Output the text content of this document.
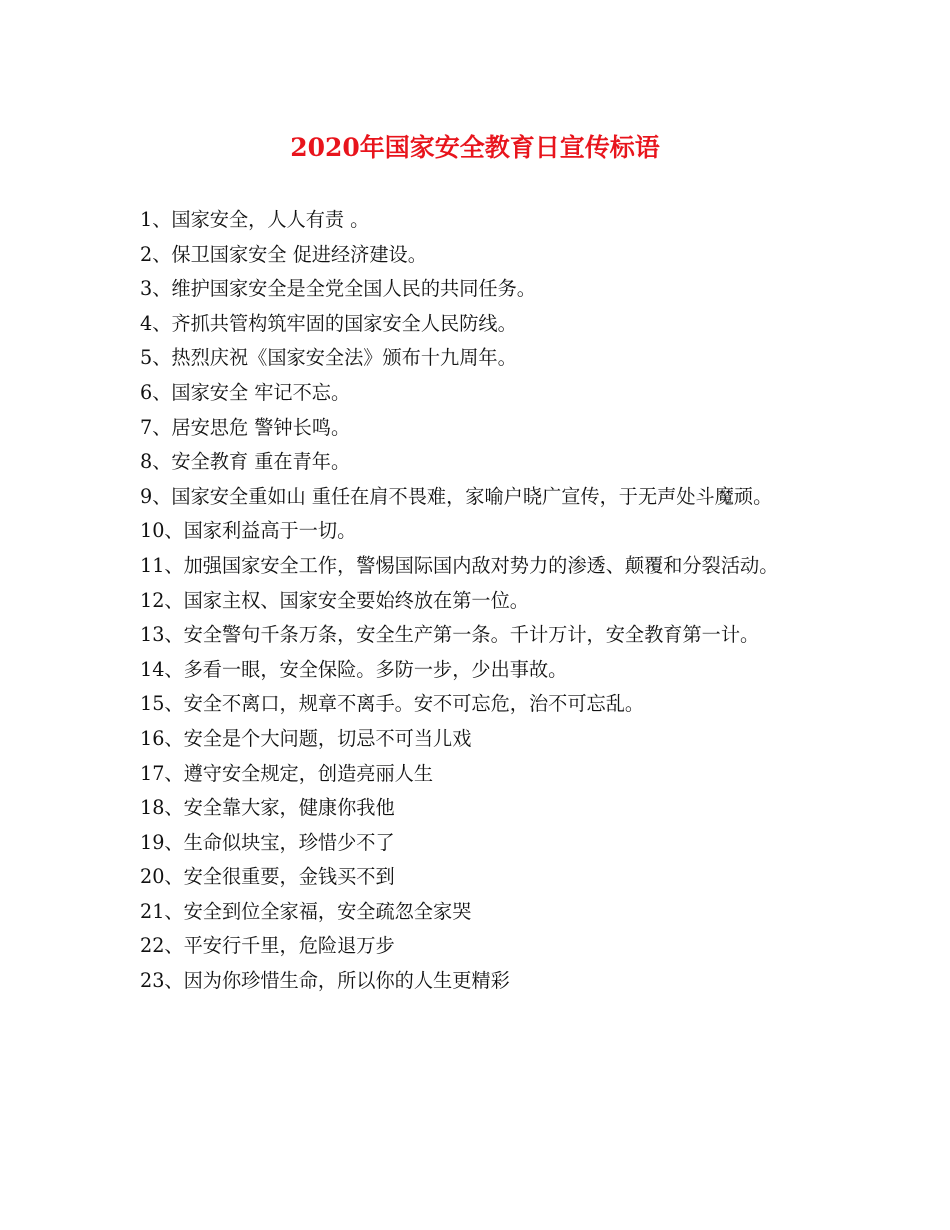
2020年国家安全教育日宣传标语
1、国家安全，人人有责 。
2、保卫国家安全 促进经济建设。
3、维护国家安全是全党全国人民的共同任务。
4、齐抓共管构筑牢固的国家安全人民防线。
5、热烈庆祝《国家安全法》颁布十九周年。
6、国家安全 牢记不忘。
7、居安思危 警钟长鸣。
8、安全教育 重在青年。
9、国家安全重如山 重任在肩不畏难，家喻户晓广宣传，于无声处斗魔顽。
10、国家利益高于一切。
11、加强国家安全工作，警惕国际国内敌对势力的渗透、颠覆和分裂活动。
12、国家主权、国家安全要始终放在第一位。
13、安全警句千条万条，安全生产第一条。千计万计，安全教育第一计。
14、多看一眼，安全保险。多防一步，少出事故。
15、安全不离口，规章不离手。安不可忘危，治不可忘乱。
16、安全是个大问题，切忌不可当儿戏
17、遵守安全规定，创造亮丽人生
18、安全靠大家，健康你我他
19、生命似块宝，珍惜少不了
20、安全很重要，金钱买不到
21、安全到位全家福，安全疏忽全家哭
22、平安行千里，危险退万步
23、因为你珍惜生命，所以你的人生更精彩
